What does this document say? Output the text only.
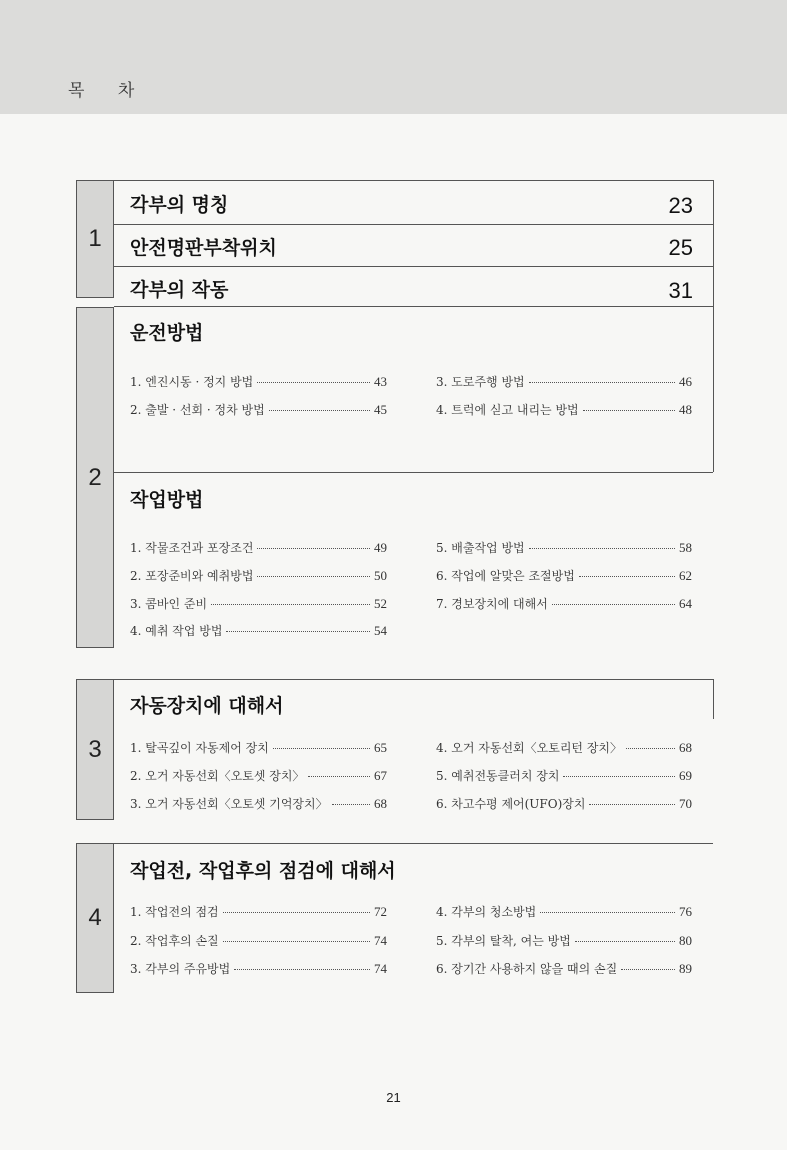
목 차
1
각부의 명칭	23
안전명판부착위치	25
각부의 작동	31
2
운전방법
1. 엔진시동 · 정지 방법	43
2. 출발 · 선회 · 정차 방법	45
3. 도로주행 방법	46
4. 트럭에 싣고 내리는 방법	48
작업방법
1. 작물조건과 포장조건	49
2. 포장준비와 예취방법	50
3. 콤바인 준비	52
4. 예취 작업 방법	54
5. 배출작업 방법	58
6. 작업에 알맞은 조절방법	62
7. 경보장치에 대해서	64
3
자동장치에 대해서
1. 탈곡깊이 자동제어 장치	65
2. 오거 자동선회〈오토셋 장치〉	67
3. 오거 자동선회〈오토셋 기억장치〉	68
4. 오거 자동선회〈오토리턴 장치〉	68
5. 예취전동클러치 장치	69
6. 차고수평 제어(UFO)장치	70
4
작업전, 작업후의 점검에 대해서
1. 작업전의 점검	72
2. 작업후의 손질	74
3. 각부의 주유방법	74
4. 각부의 청소방법	76
5. 각부의 탈착, 여는 방법	80
6. 장기간 사용하지 않을 때의 손질	89
21
